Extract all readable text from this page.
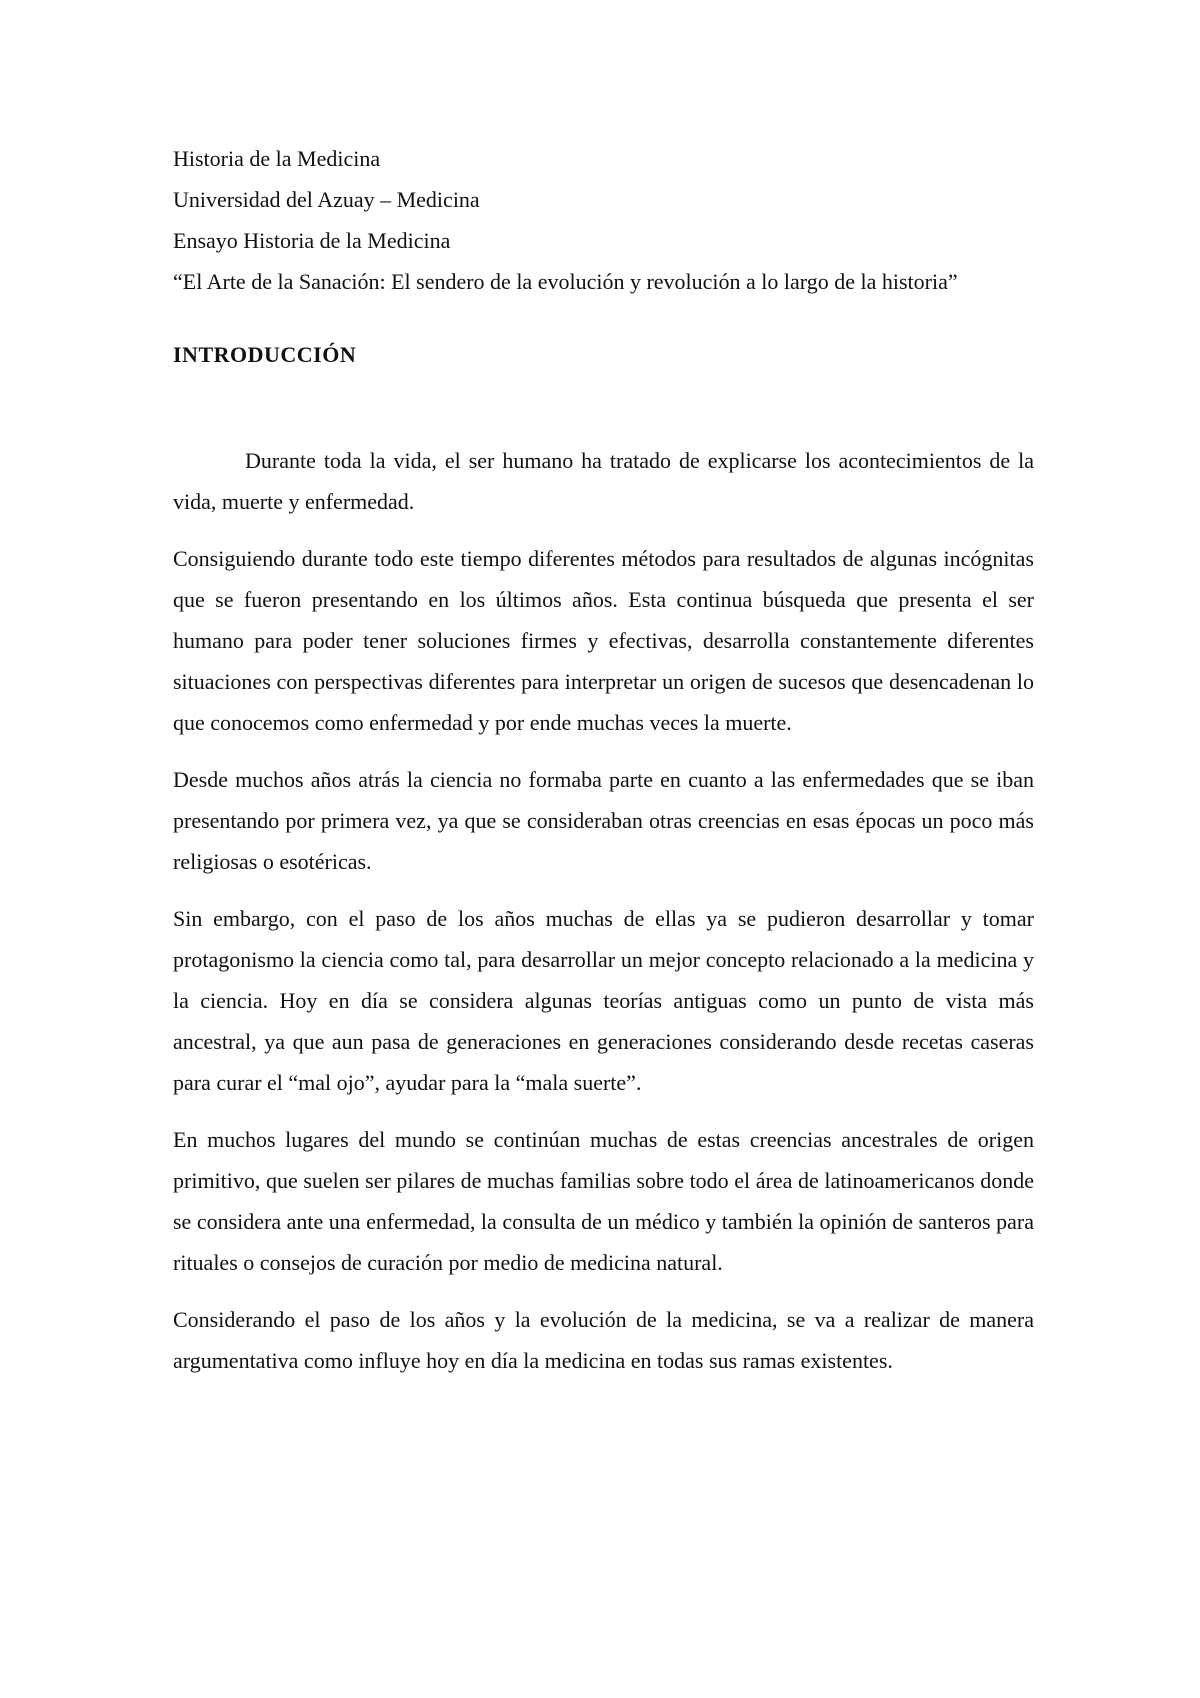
Historia de la Medicina

Universidad del Azuay – Medicina

Ensayo Historia de la Medicina

“El Arte de la Sanación: El sendero de la evolución y revolución a lo largo de la historia”

INTRODUCCIÓN

Durante toda la vida, el ser humano ha tratado de explicarse los acontecimientos de la vida, muerte y enfermedad.

Consiguiendo durante todo este tiempo diferentes métodos para resultados de algunas incógnitas que se fueron presentando en los últimos años. Esta continua búsqueda que presenta el ser humano para poder tener soluciones firmes y efectivas, desarrolla constantemente diferentes situaciones con perspectivas diferentes para interpretar un origen de sucesos que desencadenan lo que conocemos como enfermedad y por ende muchas veces la muerte.

Desde muchos años atrás la ciencia no formaba parte en cuanto a las enfermedades que se iban presentando por primera vez, ya que se consideraban otras creencias en esas épocas un poco más religiosas o esotéricas.

Sin embargo, con el paso de los años muchas de ellas ya se pudieron desarrollar y tomar protagonismo la ciencia como tal, para desarrollar un mejor concepto relacionado a la medicina y la ciencia. Hoy en día se considera algunas teorías antiguas como un punto de vista más ancestral, ya que aun pasa de generaciones en generaciones considerando desde recetas caseras para curar el “mal ojo”, ayudar para la “mala suerte”.

En muchos lugares del mundo se continúan muchas de estas creencias ancestrales de origen primitivo, que suelen ser pilares de muchas familias sobre todo el área de latinoamericanos donde se considera ante una enfermedad, la consulta de un médico y también la opinión de santeros para rituales o consejos de curación por medio de medicina natural.

Considerando el paso de los años y la evolución de la medicina, se va a realizar de manera argumentativa como influye hoy en día la medicina en todas sus ramas existentes.
